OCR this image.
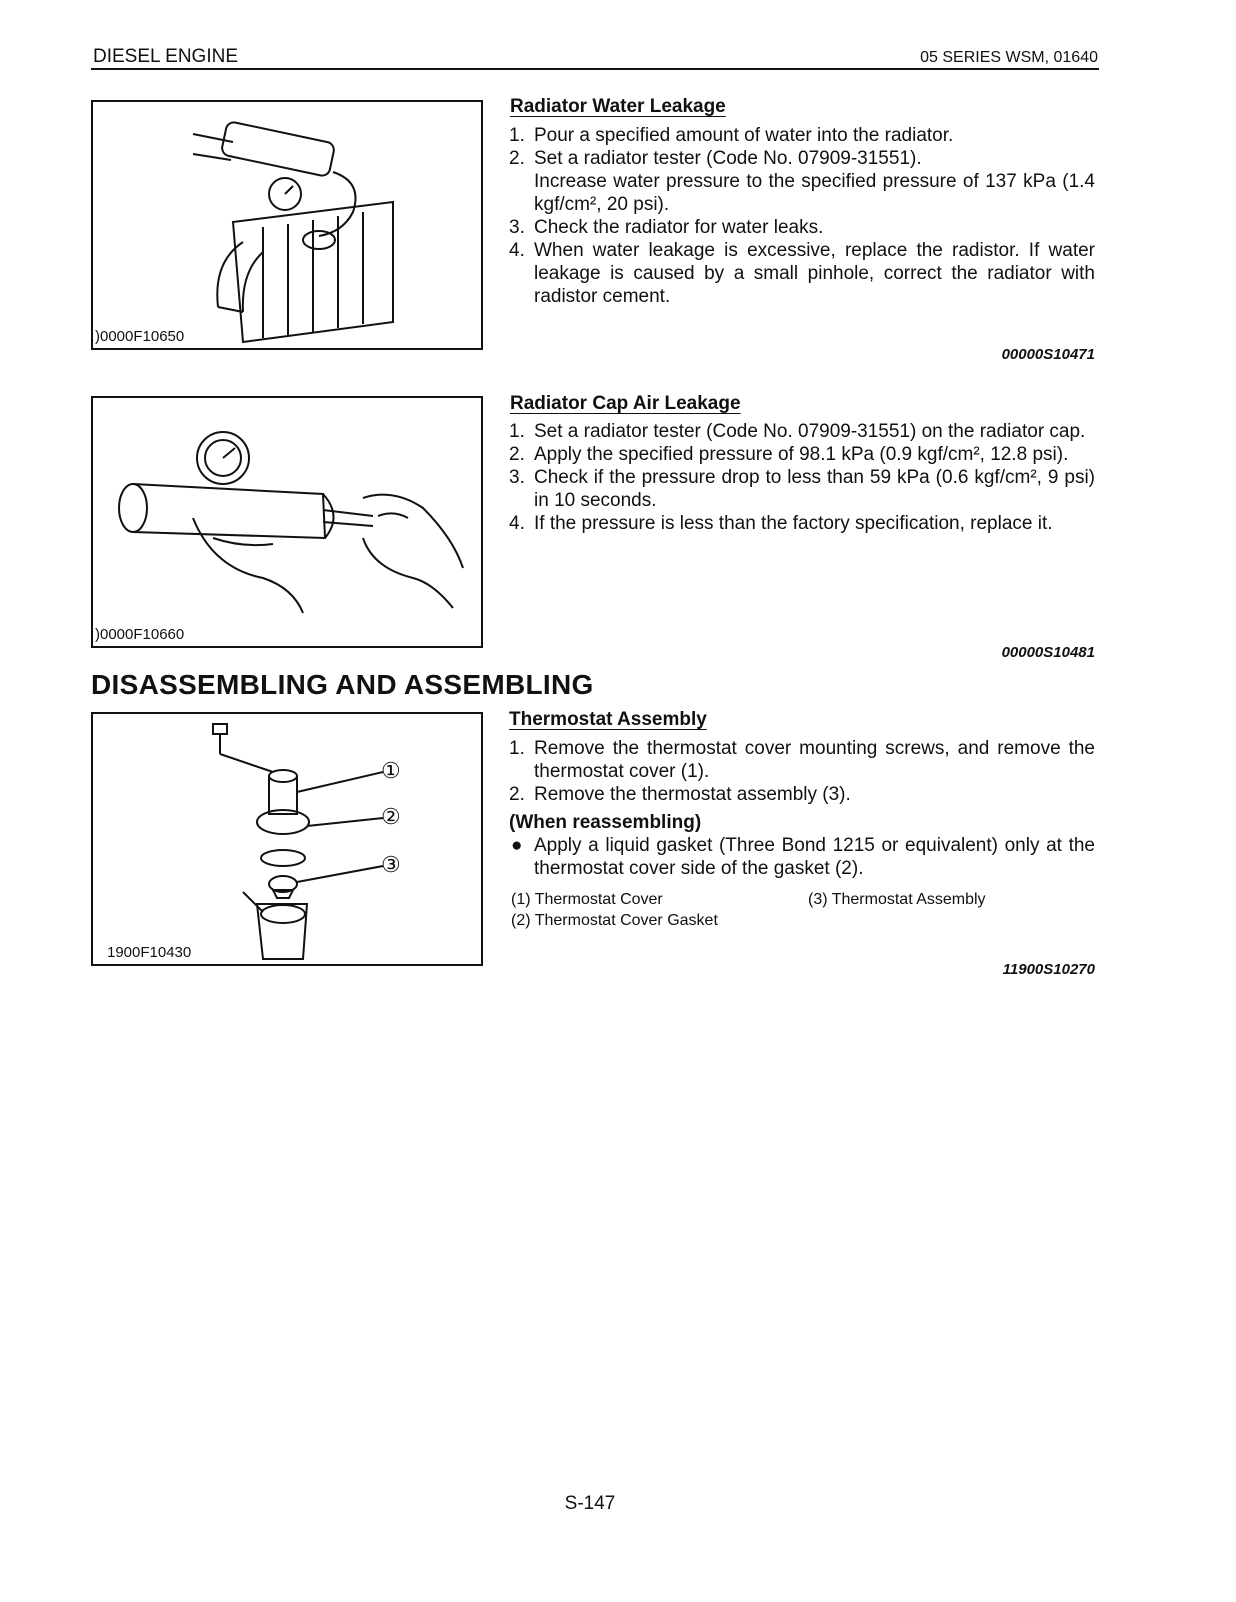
DIESEL ENGINE	05 SERIES WSM, 01640
)0000F10650
Radiator Water Leakage
1. Pour a specified amount of water into the radiator.
2. Set a radiator tester (Code No. 07909-31551).
Increase water pressure to the specified pressure of 137 kPa (1.4 kgf/cm², 20 psi).
3. Check the radiator for water leaks.
4. When water leakage is excessive, replace the radistor. If water leakage is caused by a small pinhole, correct the radiator with radistor cement.
00000S10471
)0000F10660
Radiator Cap Air Leakage
1. Set a radiator tester (Code No. 07909-31551) on the radiator cap.
2. Apply the specified pressure of 98.1 kPa (0.9 kgf/cm², 12.8 psi).
3. Check if the pressure drop to less than 59 kPa (0.6 kgf/cm², 9 psi) in 10 seconds.
4. If the pressure is less than the factory specification, replace it.
00000S10481
DISASSEMBLING AND ASSEMBLING
①
②
③
1900F10430
Thermostat Assembly
1. Remove the thermostat cover mounting screws, and remove the thermostat cover (1).
2. Remove the thermostat assembly (3).
(When reassembling)
● Apply a liquid gasket (Three Bond 1215 or equivalent) only at the thermostat cover side of the gasket (2).
(1) Thermostat Cover
(2) Thermostat Cover Gasket
(3) Thermostat Assembly
11900S10270
S-147
